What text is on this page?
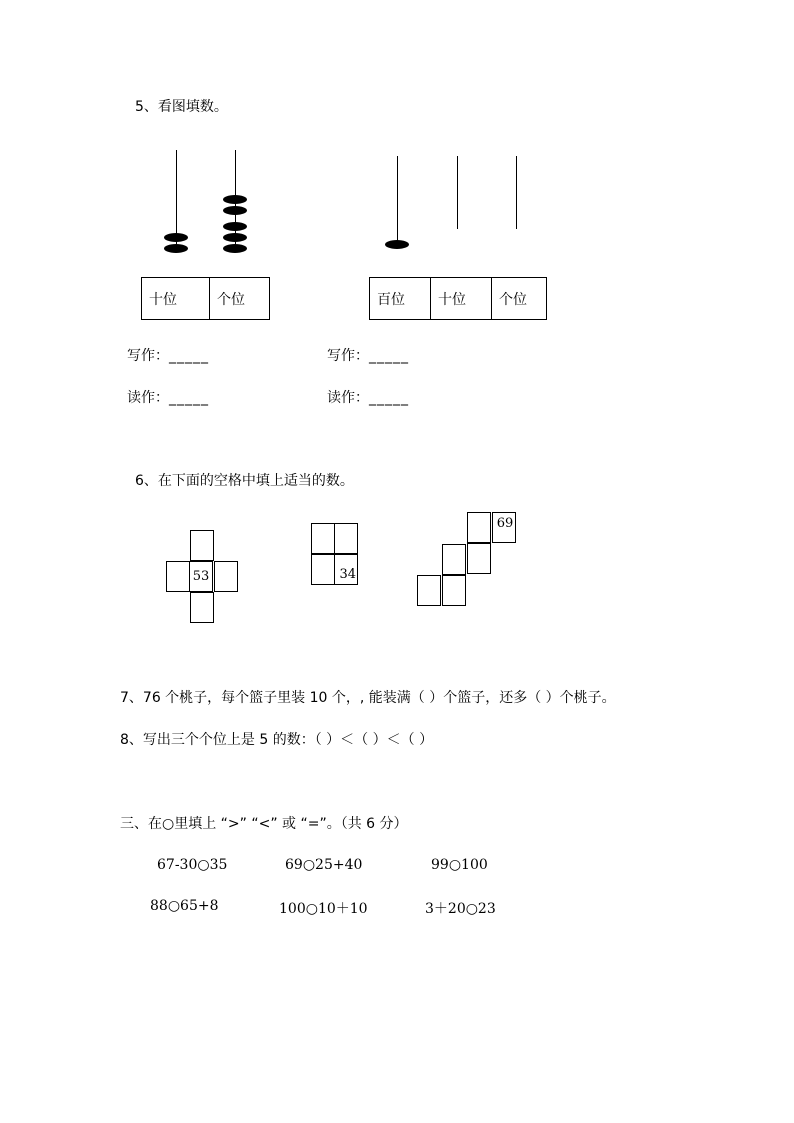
5、看图填数。
十位	个位	百位	十位	个位
写作：_____	写作：_____
读作：_____	读作：_____
6、在下面的空格中填上适当的数。
53	34
69
7、76 个桃子，每个篮子里装 10 个，, 能装满（ ）个篮子，还多（ ）个桃子。
8、写出三个个位上是 5 的数：（ ）＜（ ）＜（ ）
三、在○里填上 “>” “<” 或 “=”。（共 6 分）
67-30○35	69○25+40	99○100
88○65+8	100○10＋10	3＋20○23
